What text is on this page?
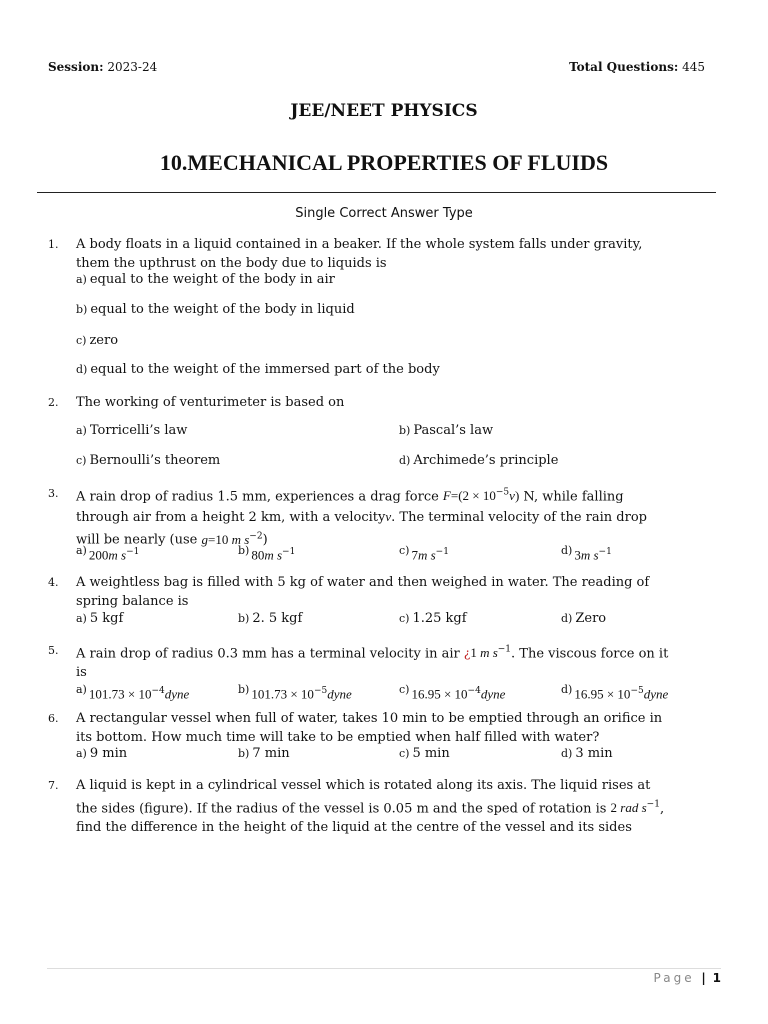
Session: 2023-24	Total Questions: 445
JEE/NEET PHYSICS
10.MECHANICAL PROPERTIES OF FLUIDS
Single Correct Answer Type
1. A body floats in a liquid contained in a beaker. If the whole system falls under gravity,
them the upthrust on the body due to liquids is
a) equal to the weight of the body in air
b) equal to the weight of the body in liquid
c) zero
d) equal to the weight of the immersed part of the body
2. The working of venturimeter is based on
a) Torricelli’s law	b) Pascal’s law
c) Bernoulli’s theorem	d) Archimede’s principle
3. A rain drop of radius 1.5 mm, experiences a drag force $F=(2 \times 10^{-5}v)$ N, while falling
through air from a height 2 km, with a velocityv. The terminal velocity of the rain drop
will be nearly (use g=10 m $s^{-2}$)
$^{a)}$ 200m $s^{-1}$	$^{b)}$ 80m $s^{-1}$	$^{c)}$ 7m $s^{-1}$	$^{d)}$ 3m $s^{-1}$
4. A weightless bag is filled with 5 kg of water and then weighed in water. The reading of
spring balance is
a) 5 kgf	b) 2. 5 kgf	c) 1.25 kgf	d) Zero
5. A rain drop of radius 0.3 mm has a terminal velocity in air ¿1 m $s^{-1}$. The viscous force on it
is
$^{a)}$ $101.73 \times 10^{-4}dyne$	$^{b)}$ $101.73 \times 10^{-5}dyne$	$^{c)}$ $16.95 \times 10^{-4}dyne$	$^{d)}$ $16.95 \times 10^{-5}dyne$
6. A rectangular vessel when full of water, takes 10 min to be emptied through an orifice in
its bottom. How much time will take to be emptied when half filled with water?
a) 9 min	b) 7 min	c) 5 min	d) 3 min
7. A liquid is kept in a cylindrical vessel which is rotated along its axis. The liquid rises at
the sides (figure). If the radius of the vessel is 0.05 m and the sped of rotation is 2 rad $s^{-1}$,
find the difference in the height of the liquid at the centre of the vessel and its sides
Page | 1
